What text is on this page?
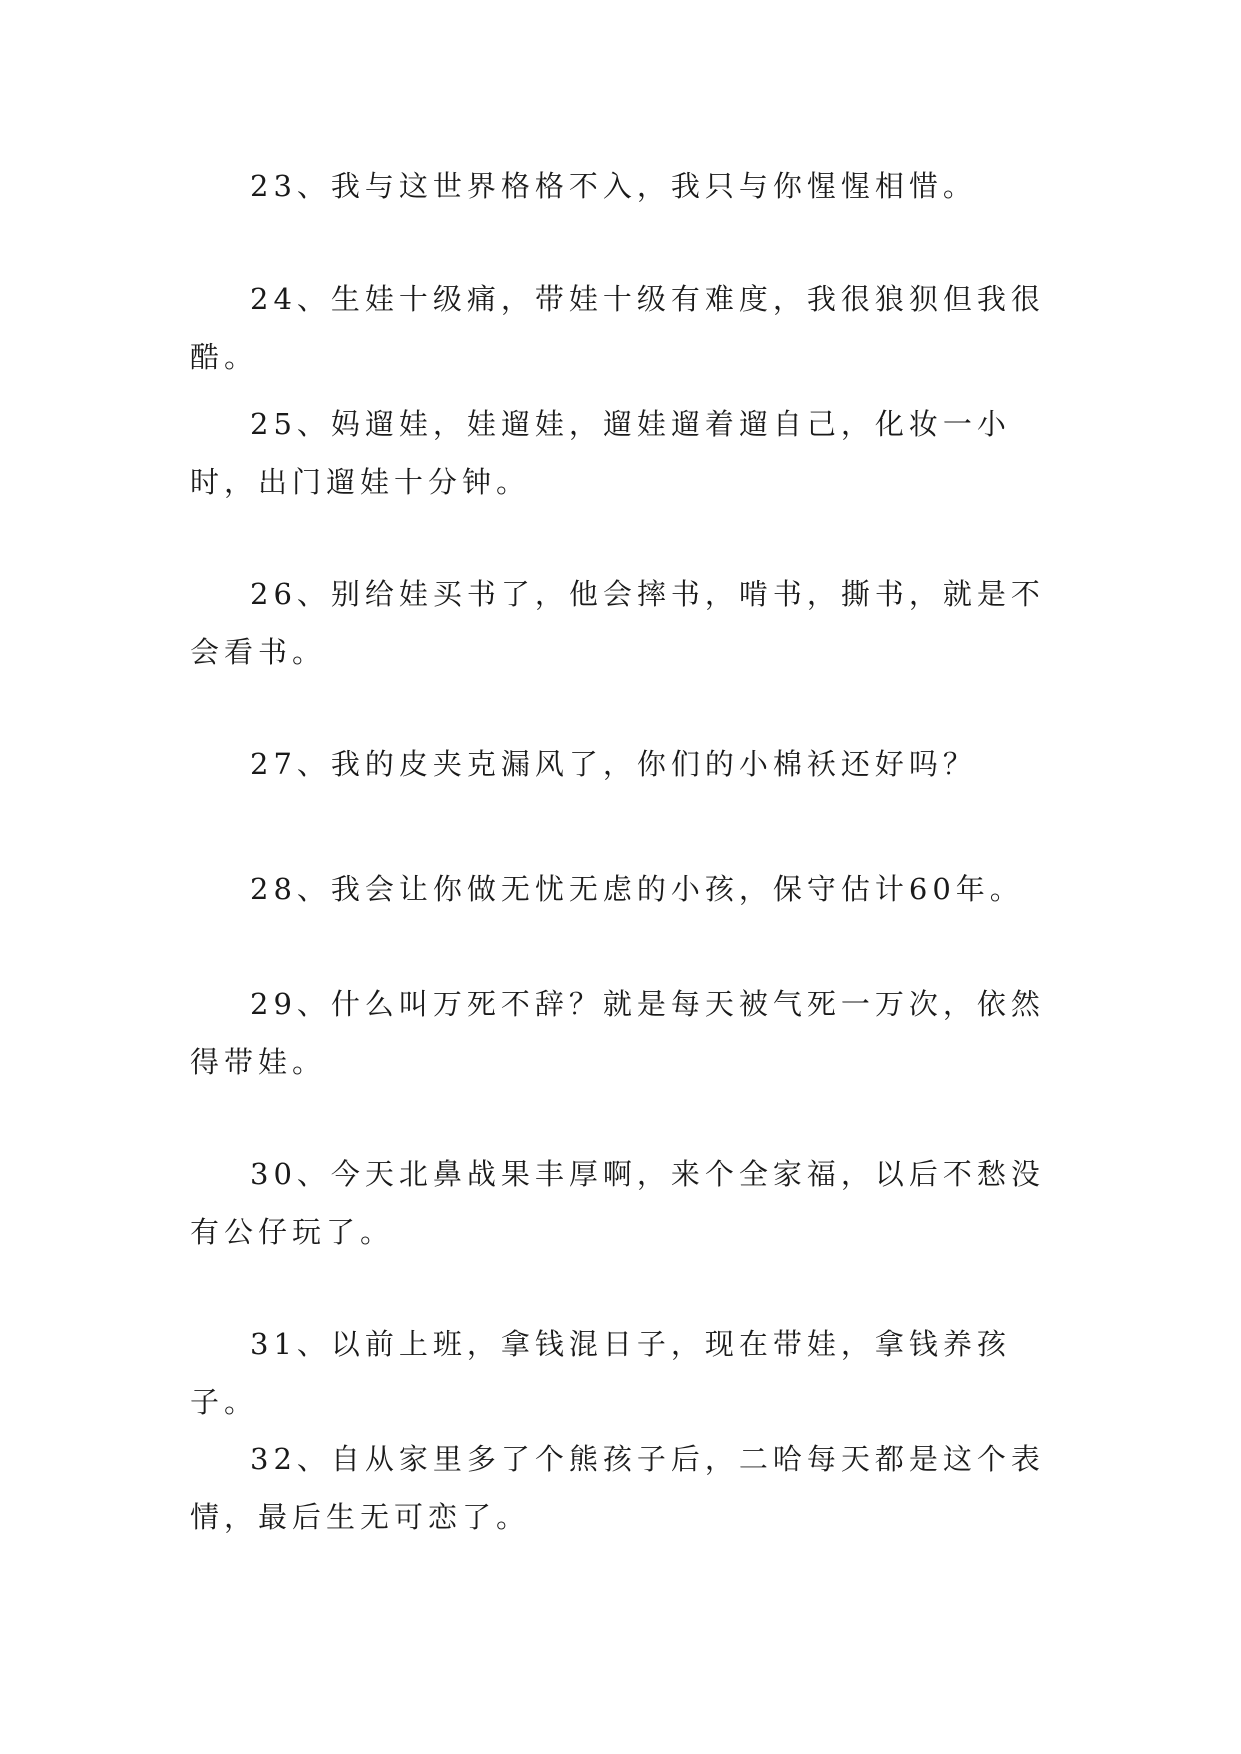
23、我与这世界格格不入，我只与你惺惺相惜。

24、生娃十级痛，带娃十级有难度，我很狼狈但我很酷。

25、妈遛娃，娃遛娃，遛娃遛着遛自己，化妆一小时，出门遛娃十分钟。

26、别给娃买书了，他会摔书，啃书，撕书，就是不会看书。

27、我的皮夹克漏风了，你们的小棉袄还好吗？

28、我会让你做无忧无虑的小孩，保守估计60年。

29、什么叫万死不辞？就是每天被气死一万次，依然得带娃。

30、今天北鼻战果丰厚啊，来个全家福，以后不愁没有公仔玩了。

31、以前上班，拿钱混日子，现在带娃，拿钱养孩子。

32、自从家里多了个熊孩子后，二哈每天都是这个表情，最后生无可恋了。
